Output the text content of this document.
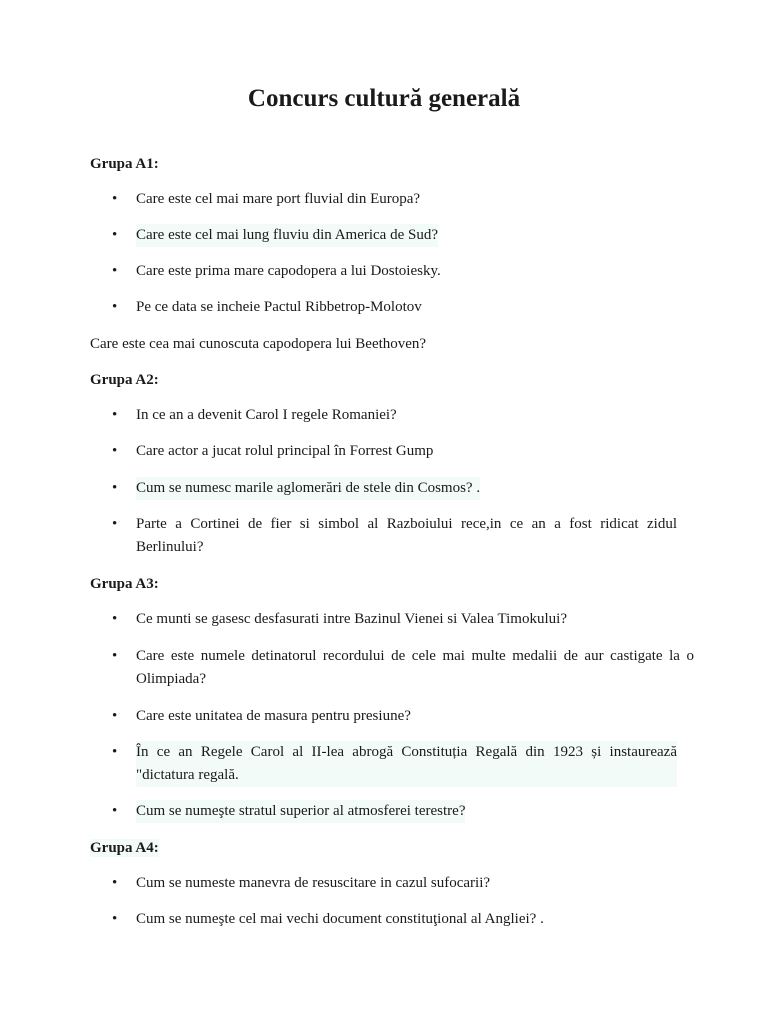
Concurs cultură generală
Grupa A1:
• Care este cel mai mare port fluvial din Europa?
• Care este cel mai lung fluviu din America de Sud?
• Care este prima mare capodopera a lui Dostoiesky.
• Pe ce data se incheie Pactul Ribbetrop-Molotov
Care este cea mai cunoscuta capodopera lui Beethoven?
Grupa A2:
• In ce an a devenit Carol I regele Romaniei?
• Care actor a jucat rolul principal în Forrest Gump
• Cum se numesc marile aglomerări de stele din Cosmos? .
• Parte a Cortinei de fier si simbol al Razboiului rece,in ce an a fost ridicat zidul Berlinului?
Grupa A3:
• Ce munti se gasesc desfasurati intre Bazinul Vienei si Valea Timokului?
• Care este numele detinatorul recordului de cele mai multe medalii de aur castigate la o Olimpiada?
• Care este unitatea de masura pentru presiune?
• În ce an Regele Carol al II-lea abrogă Constituția Regală din 1923 și instaurează "dictatura regală.
• Cum se numeşte stratul superior al atmosferei terestre?
Grupa A4:
• Cum se numeste manevra de resuscitare in cazul sufocarii?
• Cum se numeşte cel mai vechi document constituţional al Angliei? .
